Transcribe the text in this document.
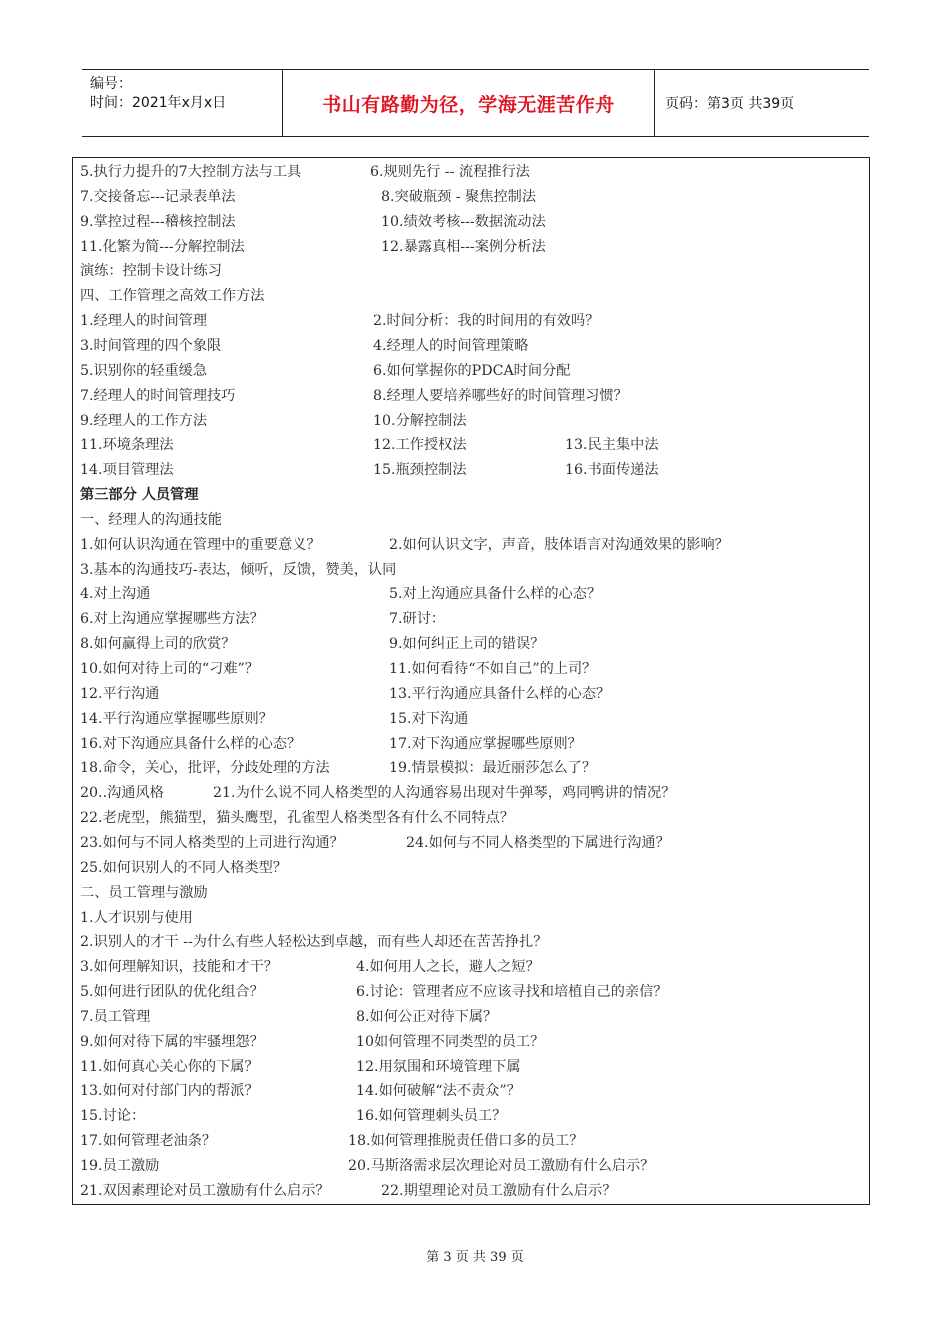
编号：
时间：2021年x月x日	书山有路勤为径，学海无涯苦作舟	页码：第3页 共39页
5.执行力提升的7大控制方法与工具	6.规则先行 -- 流程推行法
7.交接备忘---记录表单法	8.突破瓶颈 - 聚焦控制法
9.掌控过程---稽核控制法	10.绩效考核---数据流动法
11.化繁为简---分解控制法	12.暴露真相---案例分析法
演练：控制卡设计练习
四、工作管理之高效工作方法
1.经理人的时间管理	2.时间分析：我的时间用的有效吗？
3.时间管理的四个象限	4.经理人的时间管理策略
5.识别你的轻重缓急	6.如何掌握你的PDCA时间分配
7.经理人的时间管理技巧	8.经理人要培养哪些好的时间管理习惯？
9.经理人的工作方法	10.分解控制法
11.环境条理法	12.工作授权法	13.民主集中法
14.项目管理法	15.瓶颈控制法	16.书面传递法
第三部分 人员管理
一、经理人的沟通技能
1.如何认识沟通在管理中的重要意义？	2.如何认识文字，声音，肢体语言对沟通效果的影响？
3.基本的沟通技巧-表达，倾听，反馈，赞美，认同
4.对上沟通	5.对上沟通应具备什么样的心态？
6.对上沟通应掌握哪些方法？	7.研讨：
8.如何赢得上司的欣赏？	9.如何纠正上司的错误？
10.如何对待上司的“刁难”？	11.如何看待“不如自己”的上司？
12.平行沟通	13.平行沟通应具备什么样的心态？
14.平行沟通应掌握哪些原则？	15.对下沟通
16.对下沟通应具备什么样的心态？	17.对下沟通应掌握哪些原则？
18.命令，关心，批评，分歧处理的方法	19.情景模拟：最近丽莎怎么了？
20..沟通风格	21.为什么说不同人格类型的人沟通容易出现对牛弹琴，鸡同鸭讲的情况？
22.老虎型，熊猫型，猫头鹰型，孔雀型人格类型各有什么不同特点？
23.如何与不同人格类型的上司进行沟通？	24.如何与不同人格类型的下属进行沟通？
25.如何识别人的不同人格类型？
二、员工管理与激励
1.人才识别与使用
2.识别人的才干 --为什么有些人轻松达到卓越，而有些人却还在苦苦挣扎？
3.如何理解知识，技能和才干？	4.如何用人之长，避人之短？
5.如何进行团队的优化组合？	6.讨论：管理者应不应该寻找和培植自己的亲信？
7.员工管理	8.如何公正对待下属？
9.如何对待下属的牢骚埋怨？	10如何管理不同类型的员工？
11.如何真心关心你的下属？	12.用氛围和环境管理下属
13.如何对付部门内的帮派？	14.如何破解“法不责众”？
15.讨论：	16.如何管理刺头员工？
17.如何管理老油条？	18.如何管理推脱责任借口多的员工？
19.员工激励	20.马斯洛需求层次理论对员工激励有什么启示？
21.双因素理论对员工激励有什么启示？	22.期望理论对员工激励有什么启示？
第 3 页 共 39 页
